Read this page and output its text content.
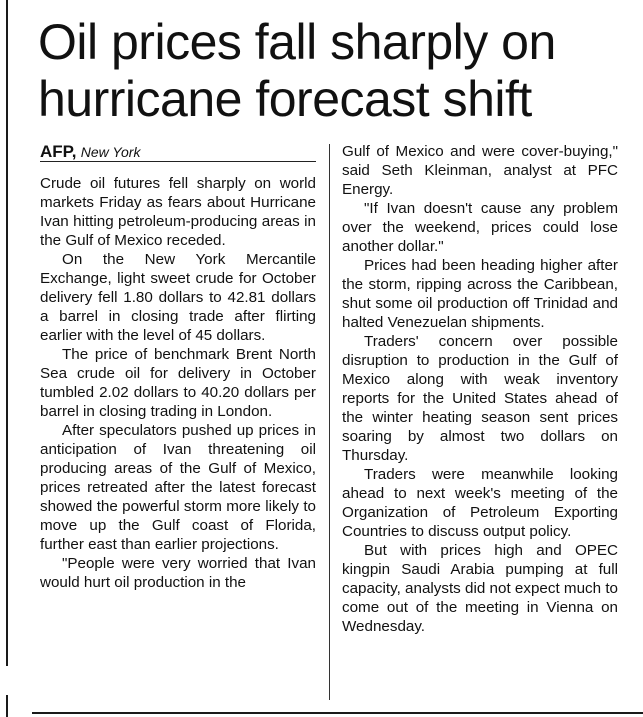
Oil prices fall sharply on hurricane forecast shift
AFP, New York

Crude oil futures fell sharply on world markets Friday as fears about Hurricane Ivan hitting petroleum-producing areas in the Gulf of Mexico receded.

On the New York Mercantile Exchange, light sweet crude for October delivery fell 1.80 dollars to 42.81 dollars a barrel in closing trade after flirting earlier with the level of 45 dollars.

The price of benchmark Brent North Sea crude oil for delivery in October tumbled 2.02 dollars to 40.20 dollars per barrel in closing trading in London.

After speculators pushed up prices in anticipation of Ivan threatening oil producing areas of the Gulf of Mexico, prices retreated after the latest forecast showed the powerful storm more likely to move up the Gulf coast of Florida, further east than earlier projections.

"People were very worried that Ivan would hurt oil production in the

Gulf of Mexico and were cover-buying," said Seth Kleinman, analyst at PFC Energy.

"If Ivan doesn't cause any problem over the weekend, prices could lose another dollar."

Prices had been heading higher after the storm, ripping across the Caribbean, shut some oil production off Trinidad and halted Venezuelan shipments.

Traders' concern over possible disruption to production in the Gulf of Mexico along with weak inventory reports for the United States ahead of the winter heating season sent prices soaring by almost two dollars on Thursday.

Traders were meanwhile looking ahead to next week's meeting of the Organization of Petroleum Exporting Countries to discuss output policy.

But with prices high and OPEC kingpin Saudi Arabia pumping at full capacity, analysts did not expect much to come out of the meeting in Vienna on Wednesday.
